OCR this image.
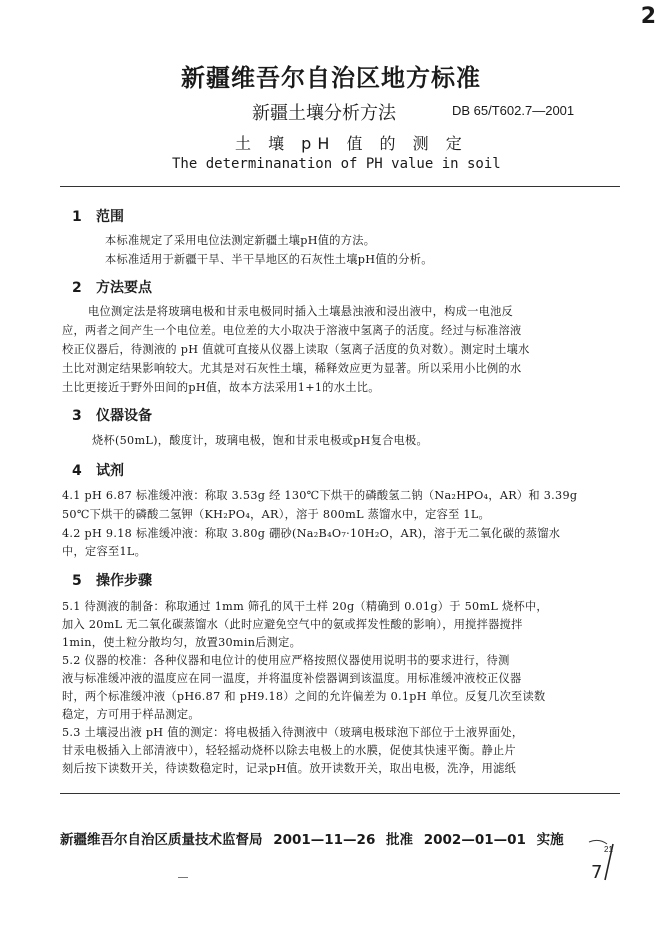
2
新疆维吾尔自治区地方标准
新疆土壤分析方法	DB 65/T602.7—2001
土 壤 pH 值 的 测 定
The determinanation of PH value in soil
1 范围
本标准规定了采用电位法测定新疆土壤pH值的方法。
本标准适用于新疆干旱、半干旱地区的石灰性土壤pH值的分析。
2 方法要点
电位测定法是将玻璃电极和甘汞电极同时插入土壤悬浊液和浸出液中，构成一电池反
应，两者之间产生一个电位差。电位差的大小取决于溶液中氢离子的活度。经过与标准溶液
校正仪器后，待测液的 pH 值就可直接从仪器上读取（氢离子活度的负对数）。测定时土壤水
土比对测定结果影响较大。尤其是对石灰性土壤，稀释效应更为显著。所以采用小比例的水
土比更接近于野外田间的pH值，故本方法采用1+1的水土比。
3 仪器设备
烧杯(50mL)，酸度计，玻璃电极，饱和甘汞电极或pH复合电极。
4 试剂
4.1 pH 6.87 标准缓冲液：称取 3.53g 经 130℃下烘干的磷酸氢二钠（Na₂HPO₄，AR）和 3.39g
50℃下烘干的磷酸二氢钾（KH₂PO₄，AR），溶于 800mL 蒸馏水中，定容至 1L。
4.2 pH 9.18 标准缓冲液：称取 3.80g 硼砂(Na₂B₄O₇·10H₂O，AR)，溶于无二氧化碳的蒸馏水
中，定容至1L。
5 操作步骤
5.1 待测液的制备：称取通过 1mm 筛孔的风干土样 20g（精确到 0.01g）于 50mL 烧杯中，
加入 20mL 无二氧化碳蒸馏水（此时应避免空气中的氨或挥发性酸的影响），用搅拌器搅拌
1min，使土粒分散均匀，放置30min后测定。
5.2 仪器的校准：各种仪器和电位计的使用应严格按照仪器使用说明书的要求进行，待测
液与标准缓冲液的温度应在同一温度，并将温度补偿器调到该温度。用标准缓冲液校正仪器
时，两个标准缓冲液（pH6.87 和 pH9.18）之间的允许偏差为 0.1pH 单位。反复几次至读数
稳定，方可用于样品测定。
5.3 土壤浸出液 pH 值的测定：将电极插入待测液中（玻璃电极球泡下部位于土液界面处，
甘汞电极插入上部清液中），轻轻摇动烧杯以除去电极上的水膜，促使其快速平衡。静止片
刻后按下读数开关，待读数稳定时，记录pH值。放开读数开关，取出电极，洗净，用滤纸
新疆维吾尔自治区质量技术监督局 2001—11—26 批准 2002—01—01 实施
21
7
